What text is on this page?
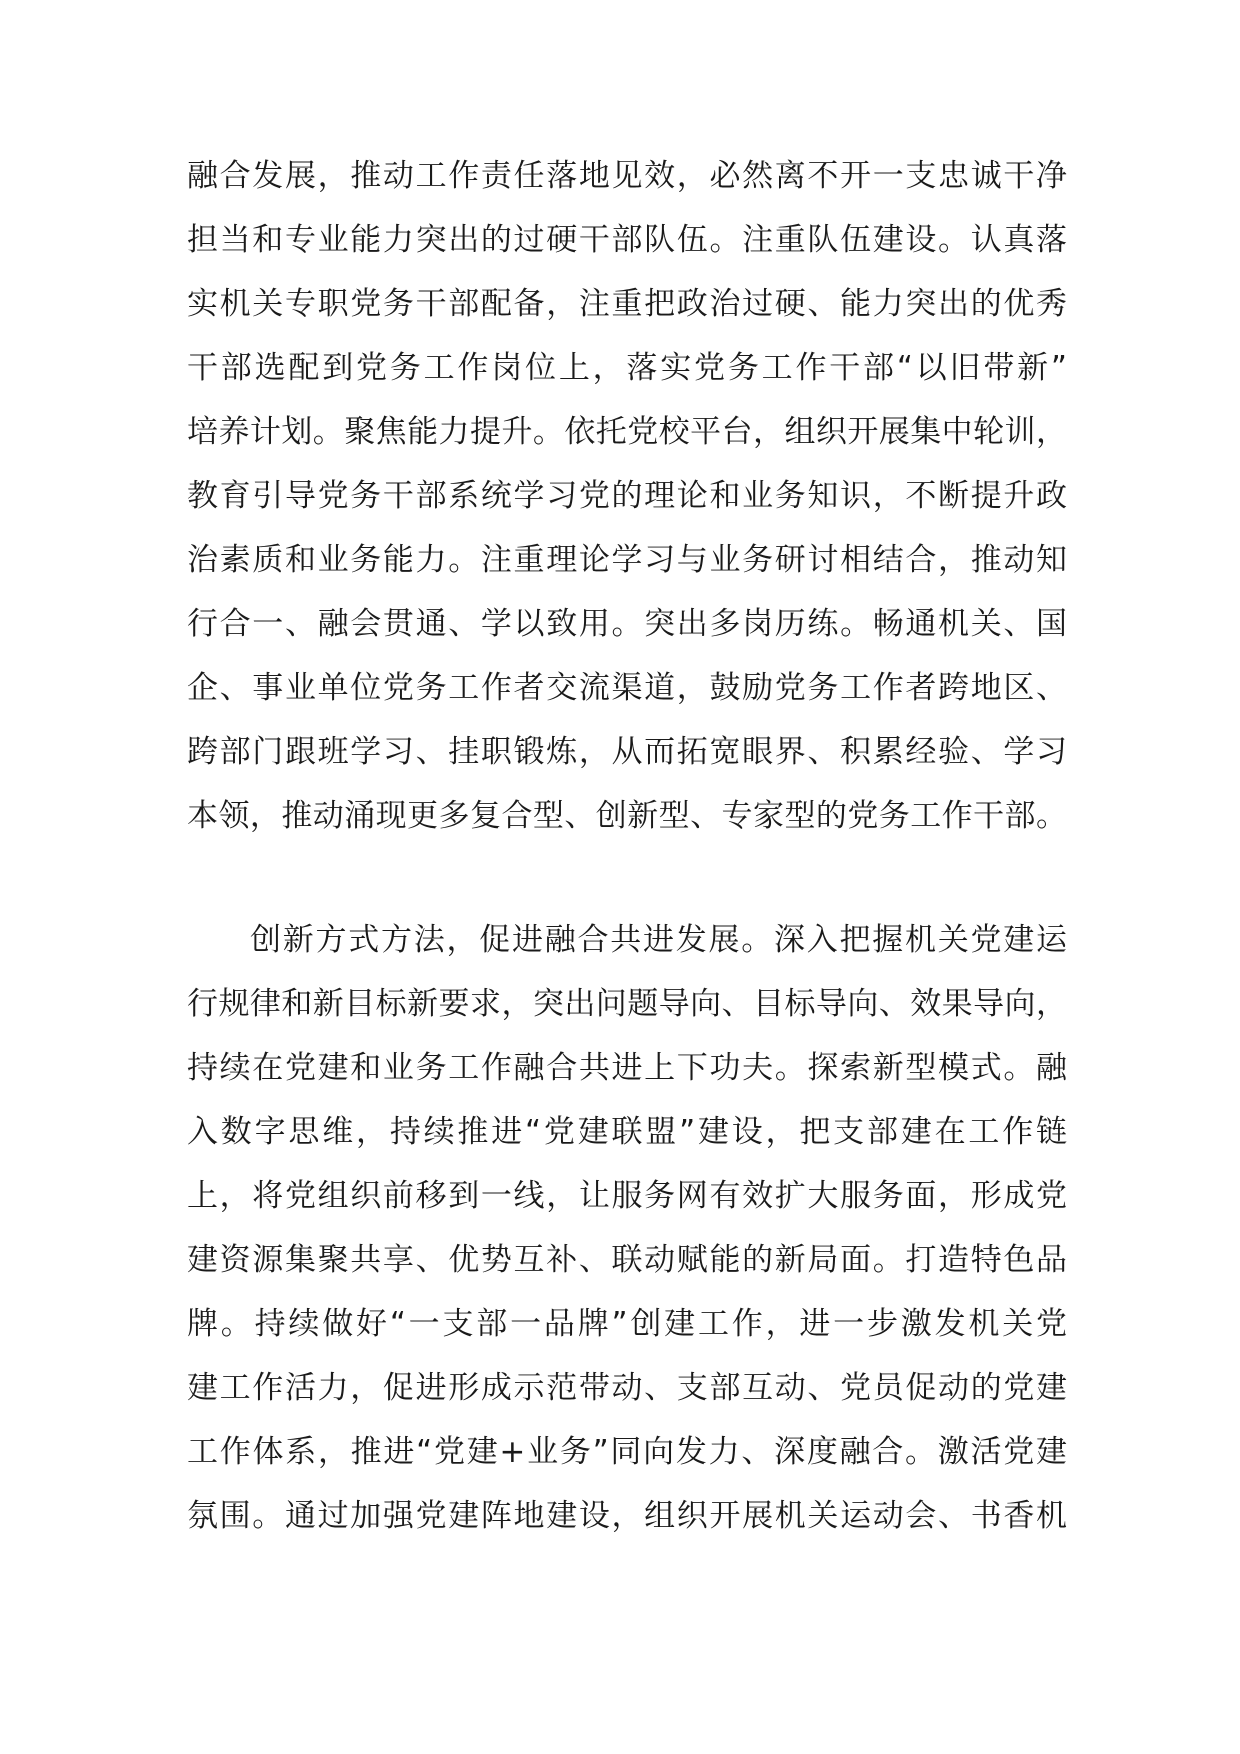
融合发展，推动工作责任落地见效，必然离不开一支忠诚干净
担当和专业能力突出的过硬干部队伍。注重队伍建设。认真落
实机关专职党务干部配备，注重把政治过硬、能力突出的优秀
干部选配到党务工作岗位上，落实党务工作干部“以旧带新”
培养计划。聚焦能力提升。依托党校平台，组织开展集中轮训，
教育引导党务干部系统学习党的理论和业务知识，不断提升政
治素质和业务能力。注重理论学习与业务研讨相结合，推动知
行合一、融会贯通、学以致用。突出多岗历练。畅通机关、国
企、事业单位党务工作者交流渠道，鼓励党务工作者跨地区、
跨部门跟班学习、挂职锻炼，从而拓宽眼界、积累经验、学习
本领，推动涌现更多复合型、创新型、专家型的党务工作干部。
创新方式方法，促进融合共进发展。深入把握机关党建运
行规律和新目标新要求，突出问题导向、目标导向、效果导向，
持续在党建和业务工作融合共进上下功夫。探索新型模式。融
入数字思维，持续推进“党建联盟”建设，把支部建在工作链
上，将党组织前移到一线，让服务网有效扩大服务面，形成党
建资源集聚共享、优势互补、联动赋能的新局面。打造特色品
牌。持续做好“一支部一品牌”创建工作，进一步激发机关党
建工作活力，促进形成示范带动、支部互动、党员促动的党建
工作体系，推进“党建+业务”同向发力、深度融合。激活党建
氛围。通过加强党建阵地建设，组织开展机关运动会、书香机
